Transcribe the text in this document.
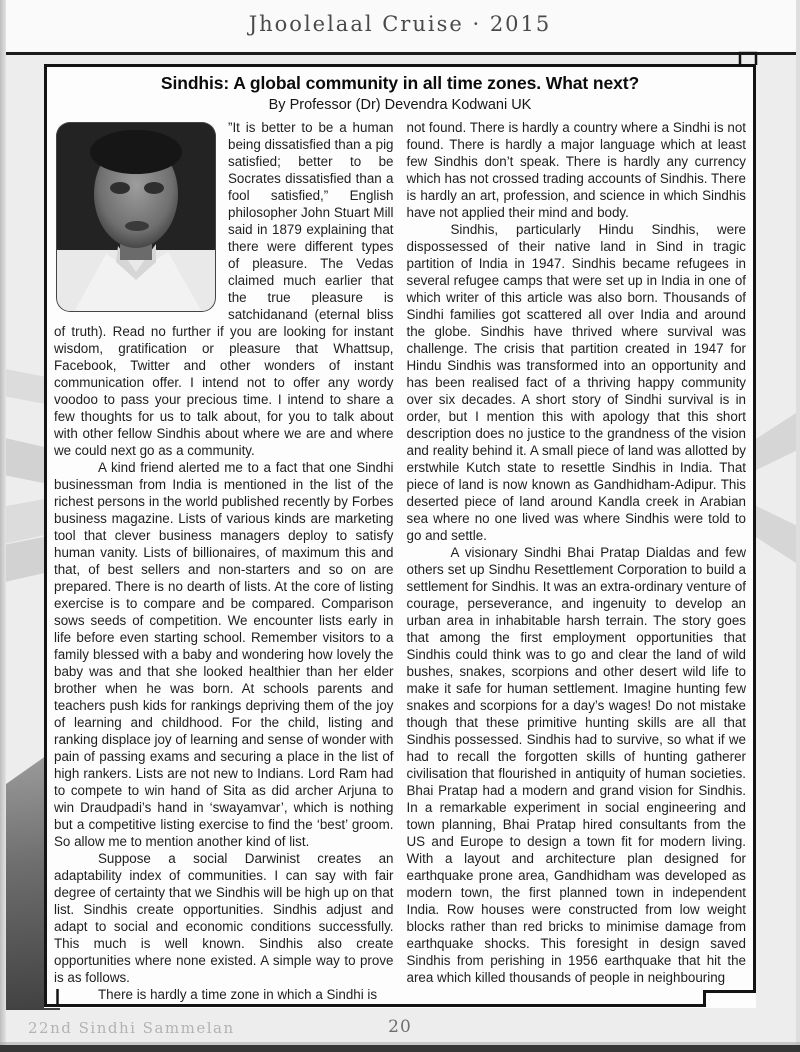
Jhoolelaal Cruise · 2015
Sindhis: A global community in all time zones. What next?
By Professor (Dr) Devendra Kodwani UK

”It is better to be a human being dissatisfied than a pig satisfied; better to be Socrates dissatisfied than a fool satisfied,” English philosopher John Stuart Mill said in 1879 explaining that there were different types of pleasure. The Vedas claimed much earlier that the true pleasure is satchidanand (eternal bliss of truth). Read no further if you are looking for instant wisdom, gratification or pleasure that Whattsup, Facebook, Twitter and other wonders of instant communication offer. I intend not to offer any wordy voodoo to pass your precious time. I intend to share a few thoughts for us to talk about, for you to talk about with other fellow Sindhis about where we are and where we could next go as a community.

A kind friend alerted me to a fact that one Sindhi businessman from India is mentioned in the list of the richest persons in the world published recently by Forbes business magazine. Lists of various kinds are marketing tool that clever business managers deploy to satisfy human vanity. Lists of billionaires, of maximum this and that, of best sellers and non-starters and so on are prepared. There is no dearth of lists. At the core of listing exercise is to compare and be compared. Comparison sows seeds of competition. We encounter lists early in life before even starting school. Remember visitors to a family blessed with a baby and wondering how lovely the baby was and that she looked healthier than her elder brother when he was born. At schools parents and teachers push kids for rankings depriving them of the joy of learning and childhood. For the child, listing and ranking displace joy of learning and sense of wonder with pain of passing exams and securing a place in the list of high rankers. Lists are not new to Indians. Lord Ram had to compete to win hand of Sita as did archer Arjuna to win Draudpadi’s hand in ‘swayamvar’, which is nothing but a competitive listing exercise to find the ‘best’ groom. So allow me to mention another kind of list.

Suppose a social Darwinist creates an adaptability index of communities. I can say with fair degree of certainty that we Sindhis will be high up on that list. Sindhis create opportunities. Sindhis adjust and adapt to social and economic conditions successfully. This much is well known. Sindhis also create opportunities where none existed. A simple way to prove is as follows.

There is hardly a time zone in which a Sindhi is

not found. There is hardly a country where a Sindhi is not found. There is hardly a major language which at least few Sindhis don’t speak. There is hardly any currency which has not crossed trading accounts of Sindhis. There is hardly an art, profession, and science in which Sindhis have not applied their mind and body.

Sindhis, particularly Hindu Sindhis, were dispossessed of their native land in Sind in tragic partition of India in 1947. Sindhis became refugees in several refugee camps that were set up in India in one of which writer of this article was also born. Thousands of Sindhi families got scattered all over India and around the globe. Sindhis have thrived where survival was challenge. The crisis that partition created in 1947 for Hindu Sindhis was transformed into an opportunity and has been realised fact of a thriving happy community over six decades. A short story of Sindhi survival is in order, but I mention this with apology that this short description does no justice to the grandness of the vision and reality behind it. A small piece of land was allotted by erstwhile Kutch state to resettle Sindhis in India. That piece of land is now known as Gandhidham-Adipur. This deserted piece of land around Kandla creek in Arabian sea where no one lived was where Sindhis were told to go and settle.

A visionary Sindhi Bhai Pratap Dialdas and few others set up Sindhu Resettlement Corporation to build a settlement for Sindhis. It was an extra-ordinary venture of courage, perseverance, and ingenuity to develop an urban area in inhabitable harsh terrain. The story goes that among the first employment opportunities that Sindhis could think was to go and clear the land of wild bushes, snakes, scorpions and other desert wild life to make it safe for human settlement. Imagine hunting few snakes and scorpions for a day’s wages! Do not mistake though that these primitive hunting skills are all that Sindhis possessed. Sindhis had to survive, so what if we had to recall the forgotten skills of hunting gatherer civilisation that flourished in antiquity of human societies. Bhai Pratap had a modern and grand vision for Sindhis. In a remarkable experiment in social engineering and town planning, Bhai Pratap hired consultants from the US and Europe to design a town fit for modern living. With a layout and architecture plan designed for earthquake prone area, Gandhidham was developed as modern town, the first planned town in independent India. Row houses were constructed from low weight blocks rather than red bricks to minimise damage from earthquake shocks. This foresight in design saved Sindhis from perishing in 1956 earthquake that hit the area which killed thousands of people in neighbouring

22nd Sindhi Sammelan	20
